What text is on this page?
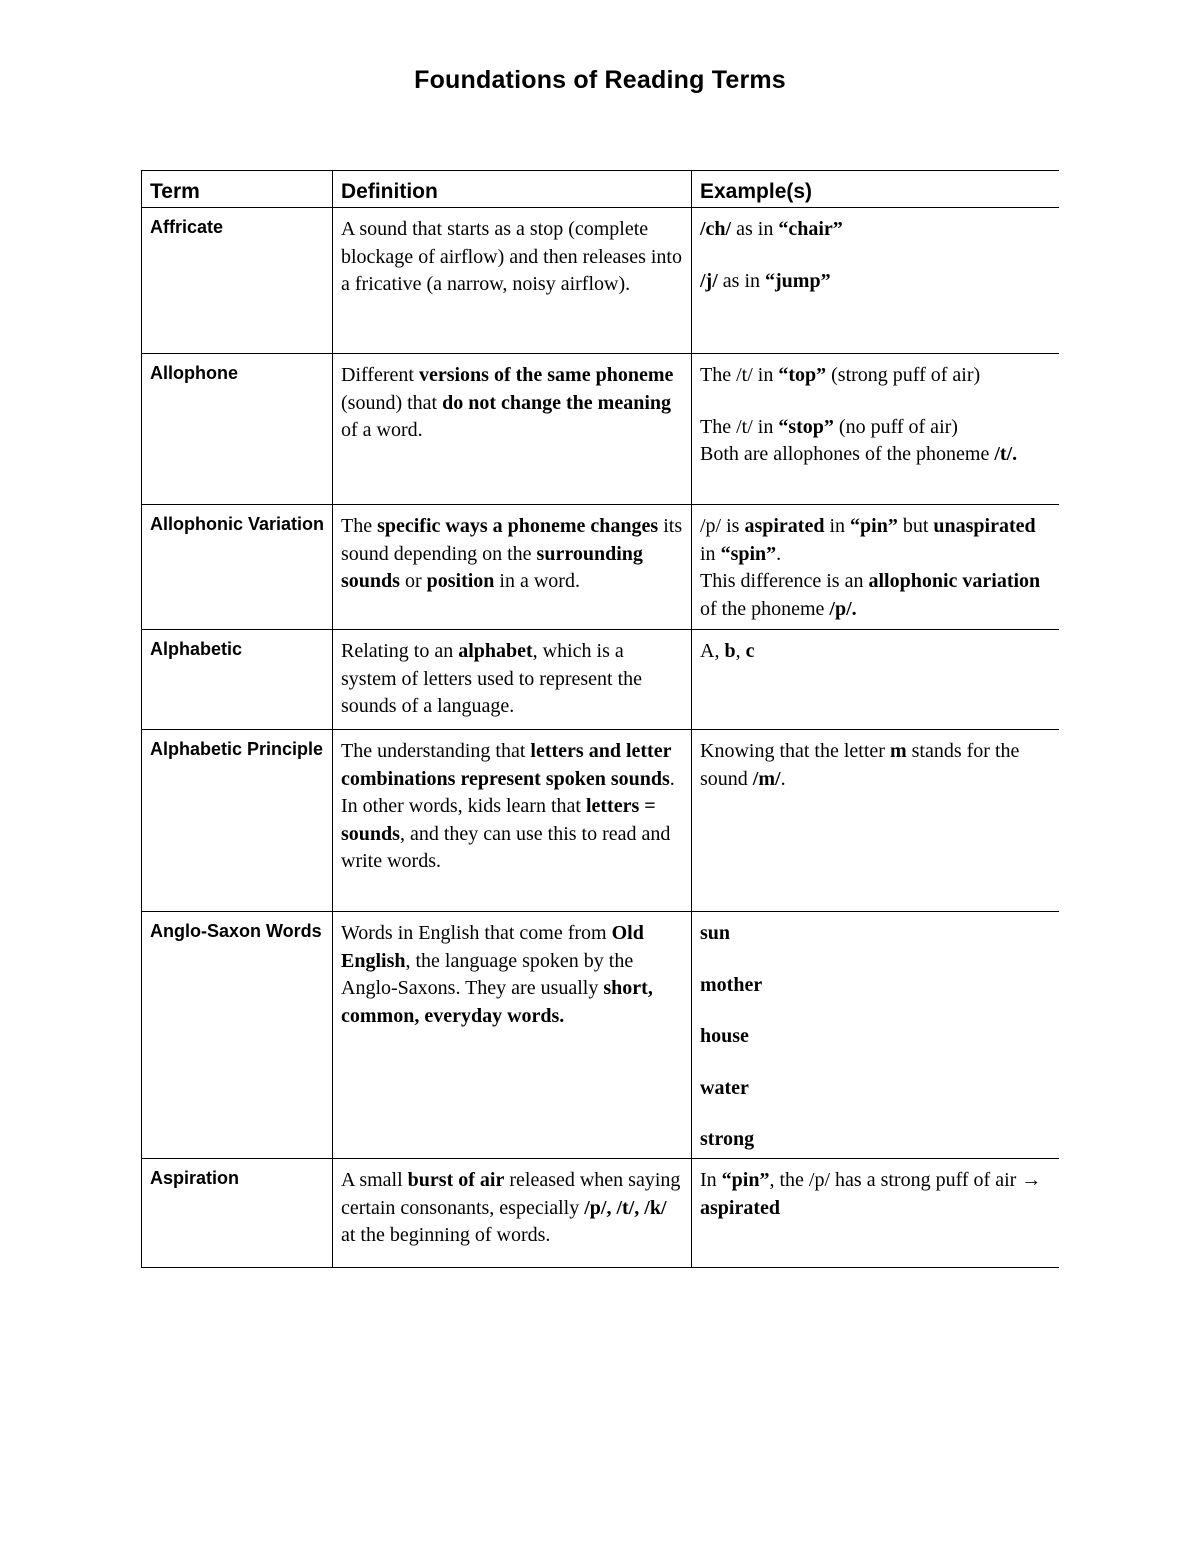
Foundations of Reading Terms
Term	Definition	Example(s)
Affricate	A sound that starts as a stop (complete blockage of airflow) and then releases into a fricative (a narrow, noisy airflow).	/ch/ as in “chair”

/j/ as in “jump”

Allophone	Different versions of the same phoneme (sound) that do not change the meaning of a word.	The /t/ in “top” (strong puff of air)

The /t/ in “stop” (no puff of air)

Both are allophones of the phoneme /t/.

Allophonic Variation	The specific ways a phoneme changes its sound depending on the surrounding sounds or position in a word.	/p/ is aspirated in “pin” but unaspirated in “spin”.

This difference is an allophonic variation of the phoneme /p/.

Alphabetic	Relating to an alphabet, which is a system of letters used to represent the sounds of a language.	A, b, c

Alphabetic Principle	The understanding that letters and letter combinations represent spoken sounds. In other words, kids learn that letters = sounds, and they can use this to read and write words.	Knowing that the letter m stands for the sound /m/.

Anglo-Saxon Words	Words in English that come from Old English, the language spoken by the Anglo-Saxons. They are usually short, common, everyday words.	sun

mother

house

water

strong

Aspiration	A small burst of air released when saying certain consonants, especially /p/, /t/, /k/ at the beginning of words.	In “pin”, the /p/ has a strong puff of air → aspirated
